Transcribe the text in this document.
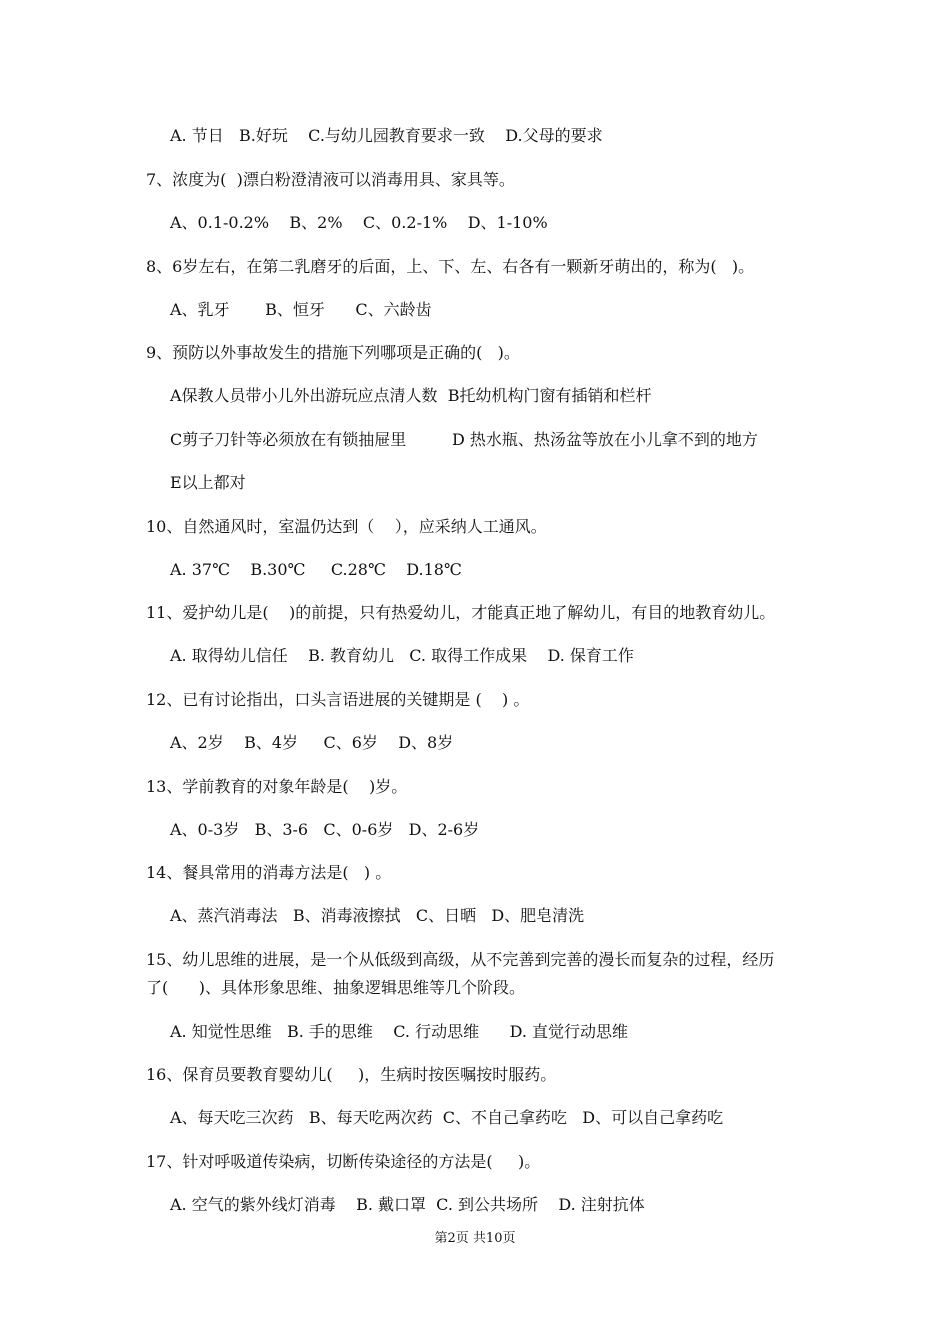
A. 节日   B.好玩    C.与幼儿园教育要求一致    D.父母的要求
7、浓度为(  )漂白粉澄清液可以消毒用具、家具等。
A、0.1-0.2%    B、2%    C、0.2-1%    D、1-10%
8、6岁左右，在第二乳磨牙的后面，上、下、左、右各有一颗新牙萌出的，称为(   )。
A、乳牙       B、恒牙      C、六龄齿
9、预防以外事故发生的措施下列哪项是正确的(   )。
A保教人员带小儿外出游玩应点清人数  B托幼机构门窗有插销和栏杆
C剪子刀针等必须放在有锁抽屉里         D 热水瓶、热汤盆等放在小儿拿不到的地方
E以上都对
10、自然通风时，室温仍达到（    ），应采纳人工通风。
A. 37℃    B.30℃     C.28℃    D.18℃
11、爱护幼儿是(    )的前提，只有热爱幼儿，才能真正地了解幼儿，有目的地教育幼儿。
A. 取得幼儿信任    B. 教育幼儿   C. 取得工作成果    D. 保育工作
12、已有讨论指出，口头言语进展的关键期是 (    ) 。
A、2岁    B、4岁     C、6岁    D、8岁
13、学前教育的对象年龄是(    )岁。
A、0-3岁   B、3-6   C、0-6岁   D、2-6岁
14、餐具常用的消毒方法是(   ) 。
A、蒸汽消毒法   B、消毒液擦拭   C、日晒   D、肥皂清洗
15、幼儿思维的进展，是一个从低级到高级，从不完善到完善的漫长而复杂的过程，经历
了(      )、具体形象思维、抽象逻辑思维等几个阶段。
A. 知觉性思维   B. 手的思维    C. 行动思维      D. 直觉行动思维
16、保育员要教育婴幼儿(     )，生病时按医嘱按时服药。
A、每天吃三次药   B、每天吃两次药  C、不自己拿药吃   D、可以自己拿药吃
17、针对呼吸道传染病，切断传染途径的方法是(     )。
A. 空气的紫外线灯消毒    B. 戴口罩  C. 到公共场所    D. 注射抗体
第2页 共10页
